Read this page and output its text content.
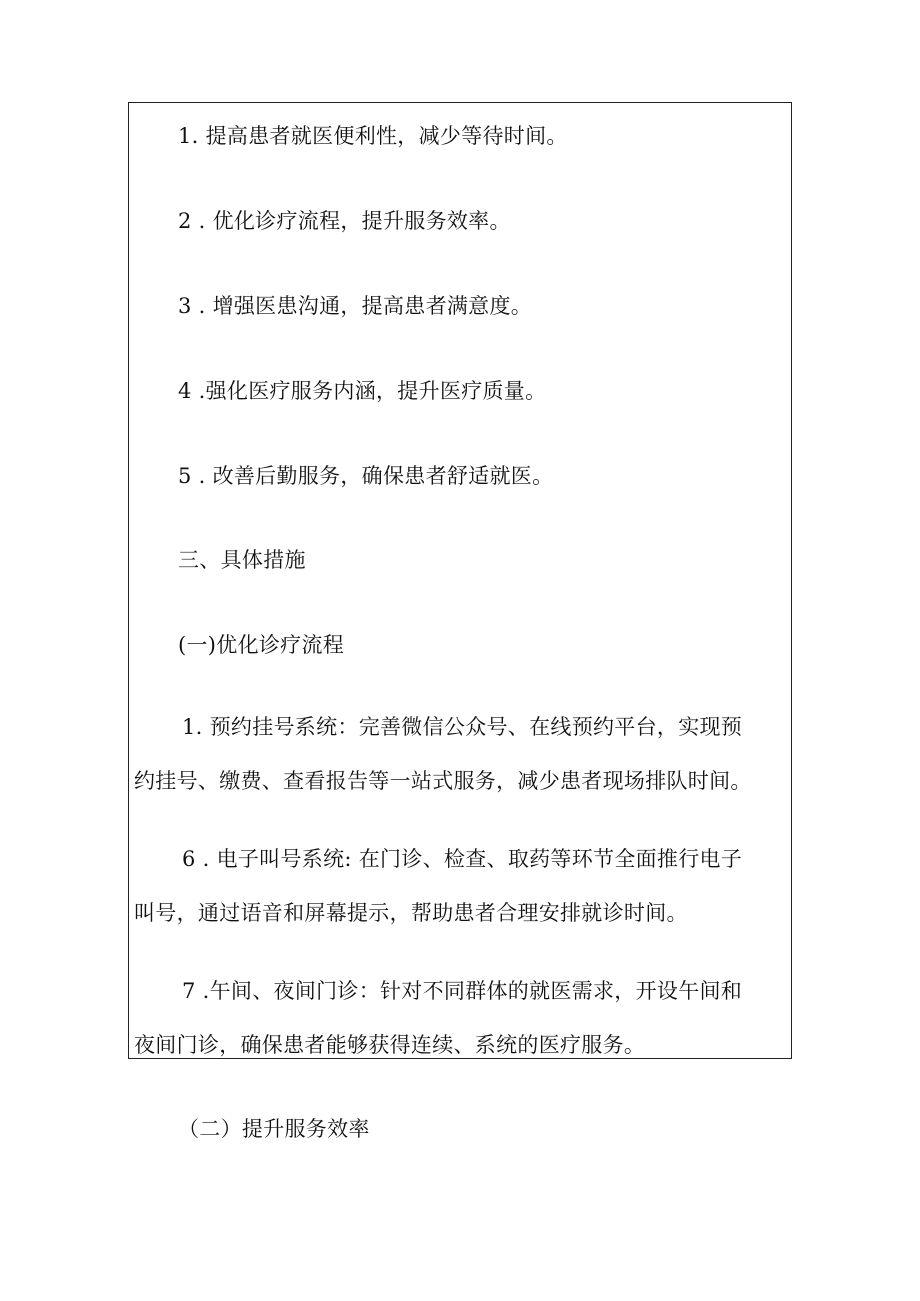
1. 提高患者就医便利性，减少等待时间。
2 . 优化诊疗流程，提升服务效率。
3 . 增强医患沟通，提高患者满意度。
4 .强化医疗服务内涵，提升医疗质量。
5 . 改善后勤服务，确保患者舒适就医。
三、具体措施
(一)优化诊疗流程
1. 预约挂号系统：完善微信公众号、在线预约平台，实现预
约挂号、缴费、查看报告等一站式服务，减少患者现场排队时间。
6 . 电子叫号系统: 在门诊、检查、取药等环节全面推行电子
叫号，通过语音和屏幕提示，帮助患者合理安排就诊时间。
7 .午间、夜间门诊：针对不同群体的就医需求，开设午间和
夜间门诊，确保患者能够获得连续、系统的医疗服务。
（二）提升服务效率
